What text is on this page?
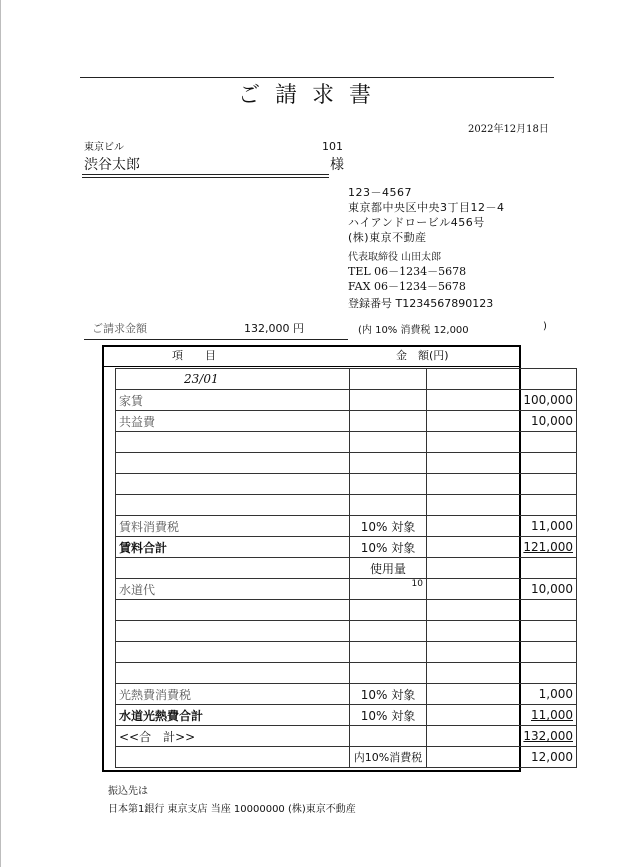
ご請求書
2022年12月18日
東京ビル	101
渋谷太郎	様
123－4567
東京都中央区中央3丁目12－4
ハイアンドロービル456号
(株)東京不動産
代表取締役 山田太郎
TEL 06－1234－5678
FAX 06－1234－5678
登録番号 T1234567890123
ご請求金額	132,000 円	(内 10% 消費税 12,000	)
項　　目	金　額(円)
23/01		
家賃		100,000
共益費		10,000

賃料消費税	10% 対象	11,000
賃料合計	10% 対象	121,000
	使用量	
水道代	10	10,000

光熱費消費税	10% 対象	1,000
水道光熱費合計	10% 対象	11,000
<<合　計>>		132,000
	内10%消費税	12,000
振込先は
日本第1銀行 東京支店 当座 10000000 (株)東京不動産
